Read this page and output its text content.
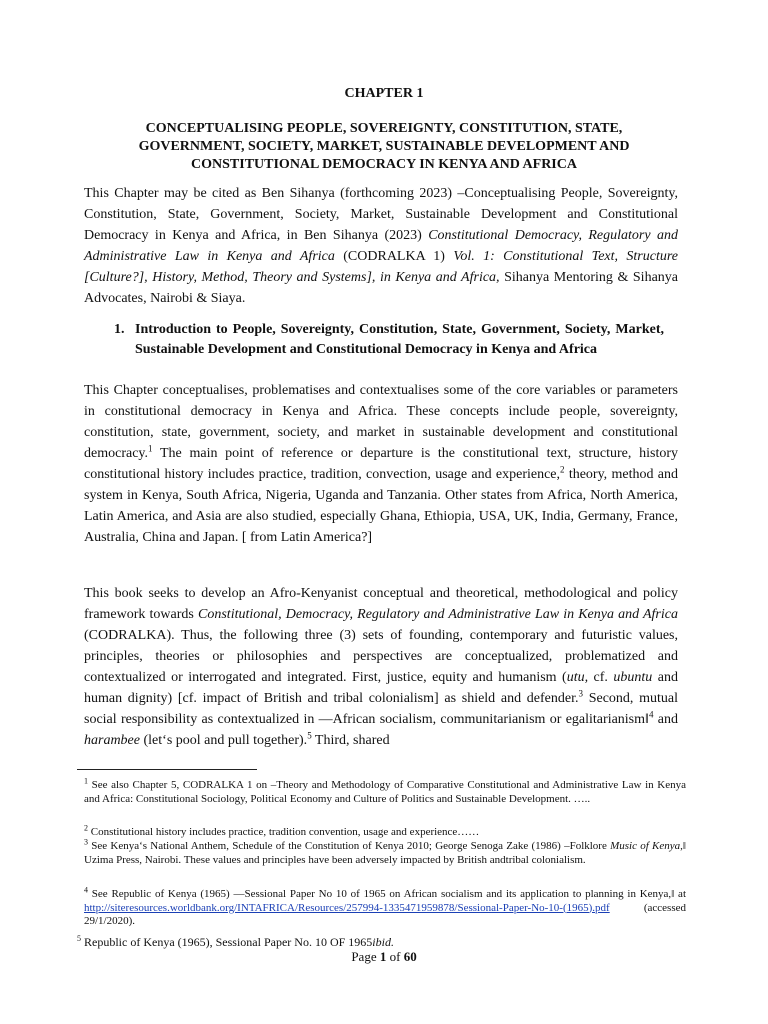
CHAPTER 1
CONCEPTUALISING PEOPLE, SOVEREIGNTY, CONSTITUTION, STATE, GOVERNMENT, SOCIETY, MARKET, SUSTAINABLE DEVELOPMENT AND CONSTITUTIONAL DEMOCRACY IN KENYA AND AFRICA
This Chapter may be cited as Ben Sihanya (forthcoming 2023) –Conceptualising People, Sovereignty, Constitution, State, Government, Society, Market, Sustainable Development and Constitutional Democracy in Kenya and Africa, in Ben Sihanya (2023) Constitutional Democracy, Regulatory and Administrative Law in Kenya and Africa (CODRALKA 1) Vol. 1: Constitutional Text, Structure [Culture?], History, Method, Theory and Systems], in Kenya and Africa, Sihanya Mentoring & Sihanya Advocates, Nairobi & Siaya.
1. Introduction to People, Sovereignty, Constitution, State, Government, Society, Market, Sustainable Development and Constitutional Democracy in Kenya and Africa
This Chapter conceptualises, problematises and contextualises some of the core variables or parameters in constitutional democracy in Kenya and Africa. These concepts include people, sovereignty, constitution, state, government, society, and market in sustainable development and constitutional democracy.$^1$ The main point of reference or departure is the constitutional text, structure, history constitutional history includes practice, tradition, convection, usage and experience,$^2$ theory, method and system in Kenya, South Africa, Nigeria, Uganda and Tanzania. Other states from Africa, North America, Latin America, and Asia are also studied, especially Ghana, Ethiopia, USA, UK, India, Germany, France, Australia, China and Japan. [ from Latin America?]
This book seeks to develop an Afro-Kenyanist conceptual and theoretical, methodological and policy framework towards Constitutional, Democracy, Regulatory and Administrative Law in Kenya and Africa (CODRALKA). Thus, the following three (3) sets of founding, contemporary and futuristic values, principles, theories or philosophies and perspectives are conceptualized, problematized and contextualized or interrogated and integrated. First, justice, equity and humanism (utu, cf. ubuntu and human dignity) [cf. impact of British and tribal colonialism] as shield and defender.$^3$ Second, mutual social responsibility as contextualized in —African socialism, communitarianism or egalitarianism‖$^4$ and harambee (let‘s pool and pull together).$^5$ Third, shared
$^1$ See also Chapter 5, CODRALKA 1 on –Theory and Methodology of Comparative Constitutional and Administrative Law in Kenya and Africa: Constitutional Sociology, Political Economy and Culture of Politics and Sustainable Development. …..
$^2$ Constitutional history includes practice, tradition convention, usage and experience……
$^3$ See Kenya‘s National Anthem, Schedule of the Constitution of Kenya 2010; George Senoga Zake (1986) –Folklore Music of Kenya,‖ Uzima Press, Nairobi. These values and principles have been adversely impacted by British andtribal colonialism.
$^4$ See Republic of Kenya (1965) —Sessional Paper No 10 of 1965 on African socialism and its application to planning in Kenya,‖ at http://siteresources.worldbank.org/INTAFRICA/Resources/257994-1335471959878/Sessional-Paper-No-10-(1965).pdf (accessed 29/1/2020).
$^5$ Republic of Kenya (1965), Sessional Paper No. 10 OF 1965ibid.
Page 1 of 60
